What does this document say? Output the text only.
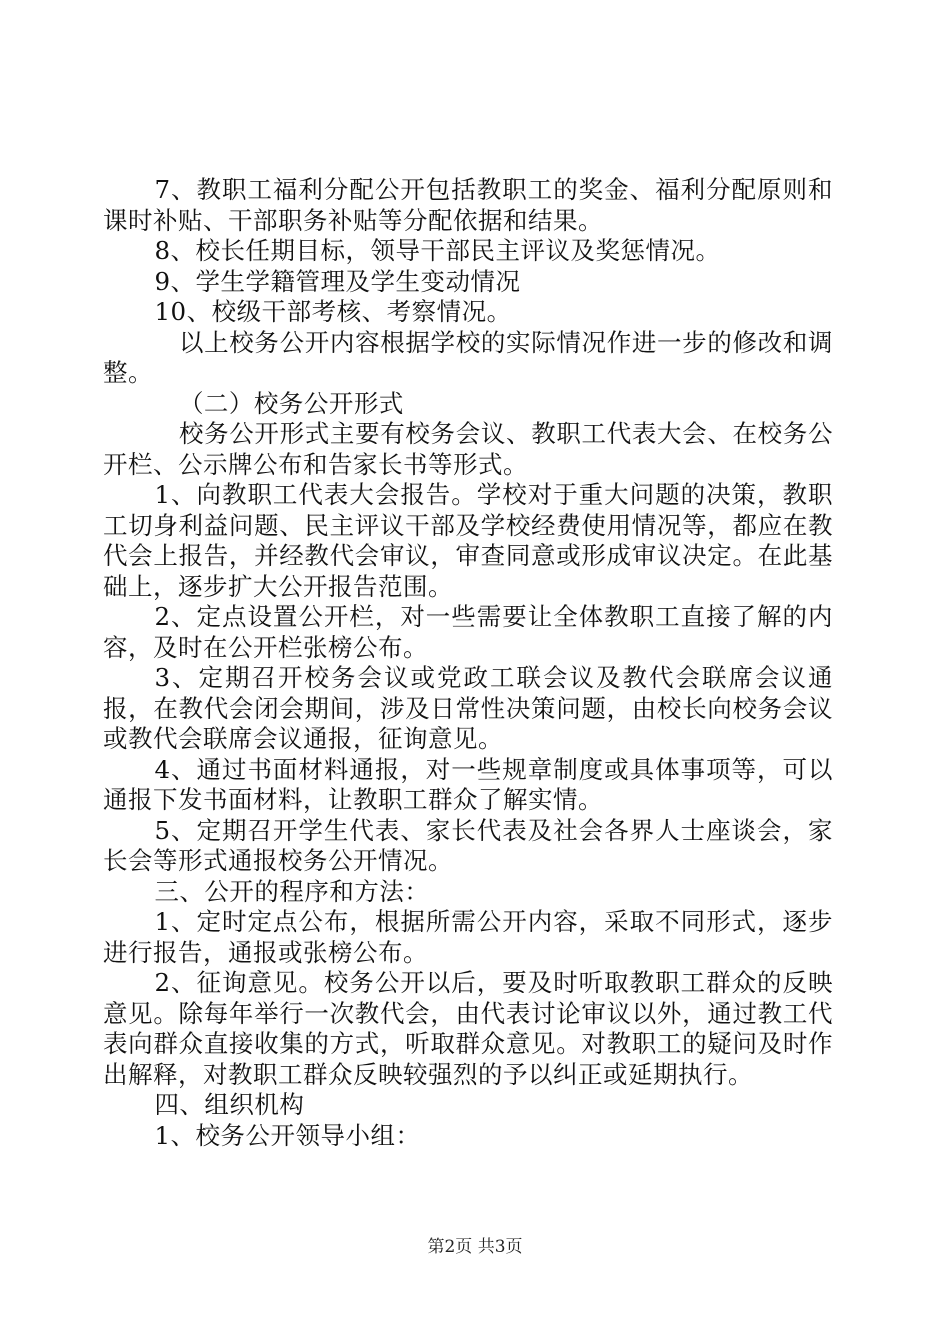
7、教职工福利分配公开包括教职工的奖金、福利分配原则和课时补贴、干部职务补贴等分配依据和结果。

8、校长任期目标，领导干部民主评议及奖惩情况。

9、学生学籍管理及学生变动情况

10、校级干部考核、考察情况。

以上校务公开内容根据学校的实际情况作进一步的修改和调整。

（二）校务公开形式

校务公开形式主要有校务会议、教职工代表大会、在校务公开栏、公示牌公布和告家长书等形式。

1、向教职工代表大会报告。学校对于重大问题的决策，教职工切身利益问题、民主评议干部及学校经费使用情况等，都应在教代会上报告，并经教代会审议，审查同意或形成审议决定。在此基础上，逐步扩大公开报告范围。

2、定点设置公开栏，对一些需要让全体教职工直接了解的内容，及时在公开栏张榜公布。

3、定期召开校务会议或党政工联会议及教代会联席会议通报，在教代会闭会期间，涉及日常性决策问题，由校长向校务会议或教代会联席会议通报，征询意见。

4、通过书面材料通报，对一些规章制度或具体事项等，可以通报下发书面材料，让教职工群众了解实情。

5、定期召开学生代表、家长代表及社会各界人士座谈会，家长会等形式通报校务公开情况。

三、公开的程序和方法：

1、定时定点公布，根据所需公开内容，采取不同形式，逐步进行报告，通报或张榜公布。

2、征询意见。校务公开以后，要及时听取教职工群众的反映意见。除每年举行一次教代会，由代表讨论审议以外，通过教工代表向群众直接收集的方式，听取群众意见。对教职工的疑问及时作出解释，对教职工群众反映较强烈的予以纠正或延期执行。

四、组织机构

1、校务公开领导小组：

第2页 共3页
